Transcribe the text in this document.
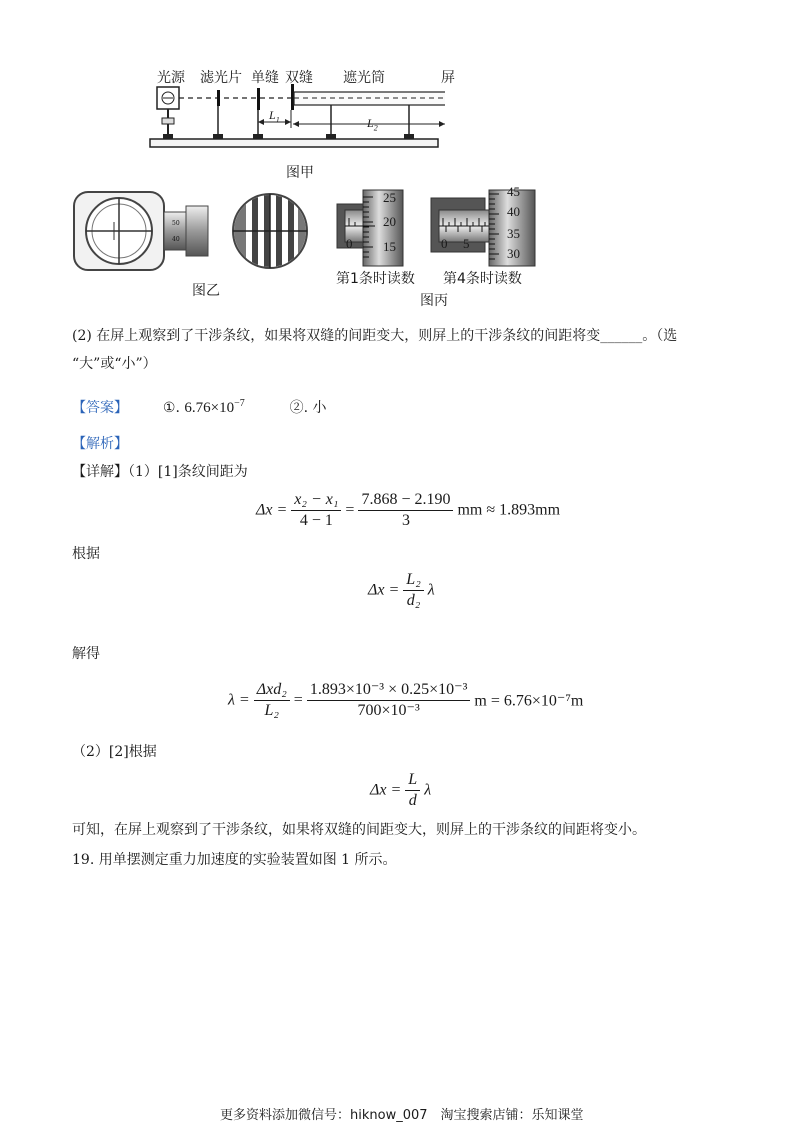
光源 滤光片 单缝 双缝 遮光筒	屏
$L_1$	$L_2$
图甲
50
40
图乙
25
20
15
0
45
40
35
30
0 5
第1条时读数 第4条时读数
图丙
(2) 在屏上观察到了干涉条纹，如果将双缝的间距变大，则屏上的干涉条纹的间距将变______。（选
“大”或“小”）
【答案】 ①. $6.76\times 10^{-7}$	②. 小
【解析】
【详解】（1）[1]条纹间距为
$\Delta x = \frac{\text{x₂ − x₁}}{4 - 1} = \frac{7.868 - 2.190}{3}$ mm ≈ 1.893mm
根据
$\Delta x = \frac{\text{L₂}}{\text{d₂}}$ λ
解得
$\lambda = \frac{\text{Δxd₂}}{\text{L₂}} = \frac{\text{1.893×10⁻³ × 0.25×10⁻³}}{\text{700×10⁻³}}$ m = 6.76×10⁻⁷m
（2）[2]根据
$\Delta x = \frac{L}{d}$ λ
可知，在屏上观察到了干涉条纹，如果将双缝的间距变大，则屏上的干涉条纹的间距将变小。
19. 用单摆测定重力加速度的实验装置如图 1 所示。
更多资料添加微信号：hiknow_007　淘宝搜索店铺：乐知课堂
